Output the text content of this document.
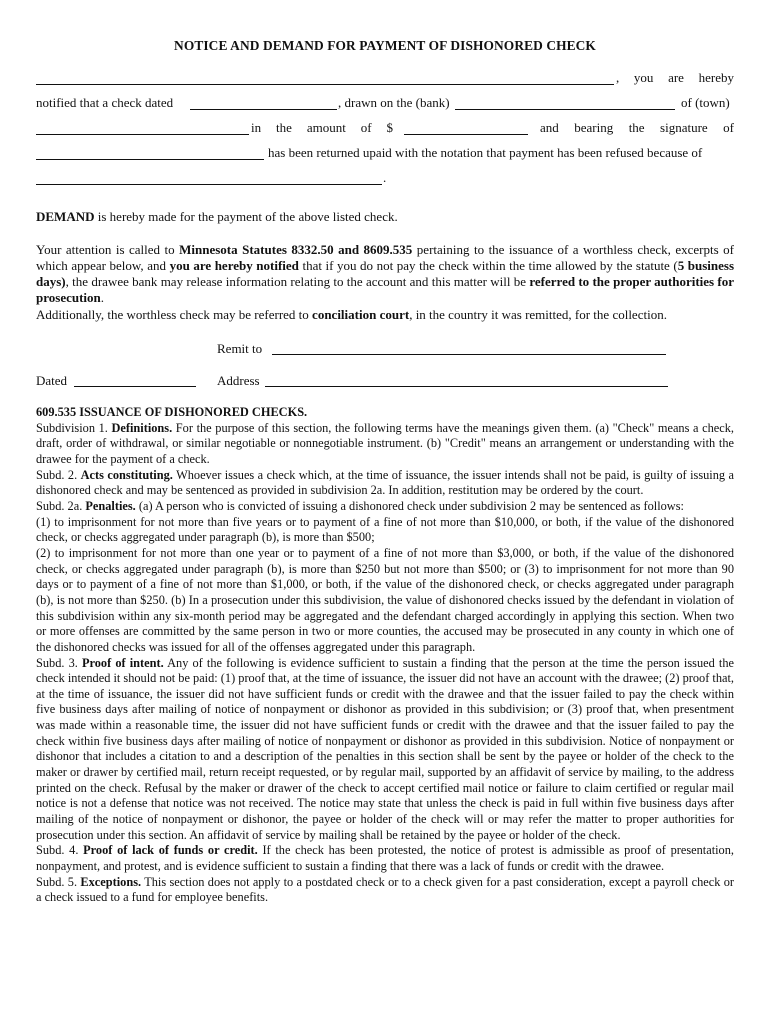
NOTICE AND DEMAND FOR PAYMENT OF DISHONORED CHECK
, you are hereby
notified that a check dated	, drawn on the (bank)	of (town)
in the amount of $	and bearing the signature of
has been returned upaid with the notation that payment has been refused because of
.
DEMAND is hereby made for the payment of the above listed check.
Your attention is called to Minnesota Statutes 8332.50 and 8609.535 pertaining to the issuance of a worthless check, excerpts of which appear below, and you are hereby notified that if you do not pay the check within the time allowed by the statute (5 business days), the drawee bank may release information relating to the account and this matter will be referred to the proper authorities for prosecution.
Additionally, the worthless check may be referred to conciliation court, in the country it was remitted, for the collection.
Remit to
Dated	Address

609.535 ISSUANCE OF DISHONORED CHECKS.

Subdivision 1. Definitions. For the purpose of this section, the following terms have the meanings given them. (a) "Check" means a check, draft, order of withdrawal, or similar negotiable or nonnegotiable instrument. (b) "Credit" means an arrangement or understanding with the drawee for the payment of a check.

Subd. 2. Acts constituting. Whoever issues a check which, at the time of issuance, the issuer intends shall not be paid, is guilty of issuing a dishonored check and may be sentenced as provided in subdivision 2a. In addition, restitution may be ordered by the court.

Subd. 2a. Penalties. (a) A person who is convicted of issuing a dishonored check under subdivision 2 may be sentenced as follows:

(1) to imprisonment for not more than five years or to payment of a fine of not more than $10,000, or both, if the value of the dishonored check, or checks aggregated under paragraph (b), is more than $500;

(2) to imprisonment for not more than one year or to payment of a fine of not more than $3,000, or both, if the value of the dishonored check, or checks aggregated under paragraph (b), is more than $250 but not more than $500; or (3) to imprisonment for not more than 90 days or to payment of a fine of not more than $1,000, or both, if the value of the dishonored check, or checks aggregated under paragraph (b), is not more than $250. (b) In a prosecution under this subdivision, the value of dishonored checks issued by the defendant in violation of this subdivision within any six-month period may be aggregated and the defendant charged accordingly in applying this section. When two or more offenses are committed by the same person in two or more counties, the accused may be prosecuted in any county in which one of the dishonored checks was issued for all of the offenses aggregated under this paragraph.

Subd. 3. Proof of intent. Any of the following is evidence sufficient to sustain a finding that the person at the time the person issued the check intended it should not be paid: (1) proof that, at the time of issuance, the issuer did not have an account with the drawee; (2) proof that, at the time of issuance, the issuer did not have sufficient funds or credit with the drawee and that the issuer failed to pay the check within five business days after mailing of notice of nonpayment or dishonor as provided in this subdivision; or (3) proof that, when presentment was made within a reasonable time, the issuer did not have sufficient funds or credit with the drawee and that the issuer failed to pay the check within five business days after mailing of notice of nonpayment or dishonor as provided in this subdivision. Notice of nonpayment or dishonor that includes a citation to and a description of the penalties in this section shall be sent by the payee or holder of the check to the maker or drawer by certified mail, return receipt requested, or by regular mail, supported by an affidavit of service by mailing, to the address printed on the check. Refusal by the maker or drawer of the check to accept certified mail notice or failure to claim certified or regular mail notice is not a defense that notice was not received. The notice may state that unless the check is paid in full within five business days after mailing of the notice of nonpayment or dishonor, the payee or holder of the check will or may refer the matter to proper authorities for prosecution under this section. An affidavit of service by mailing shall be retained by the payee or holder of the check.

Subd. 4. Proof of lack of funds or credit. If the check has been protested, the notice of protest is admissible as proof of presentation, nonpayment, and protest, and is evidence sufficient to sustain a finding that there was a lack of funds or credit with the drawee.

Subd. 5. Exceptions. This section does not apply to a postdated check or to a check given for a past consideration, except a payroll check or a check issued to a fund for employee benefits.
